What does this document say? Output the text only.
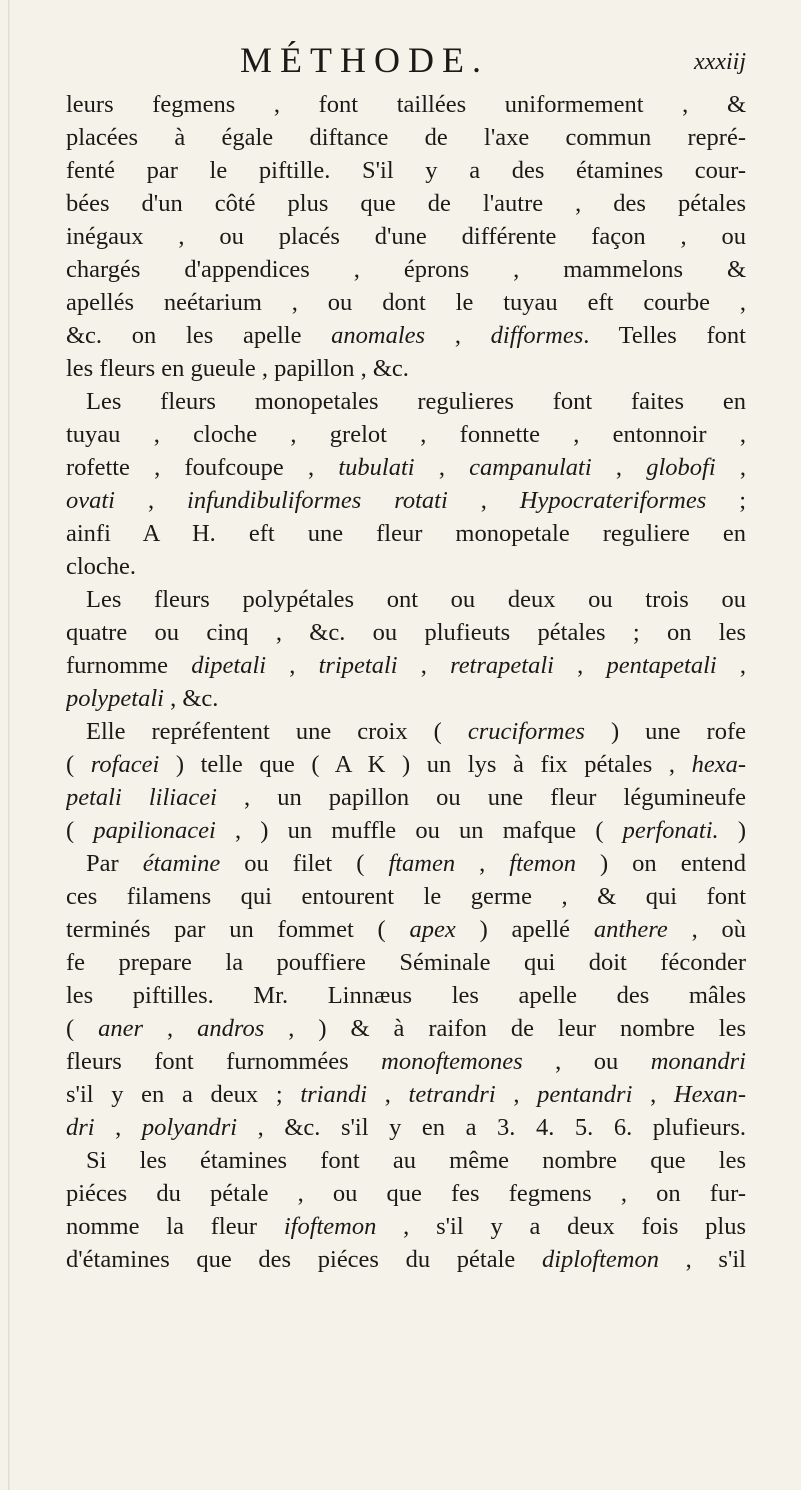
MÉTHODE.	xxxiij
leurs fegmens , font taillées uniformement , &
placées à égale diftance de l'axe commun repré-
fenté par le piftille. S'il y a des étamines cour-
bées d'un côté plus que de l'autre , des pétales
inégaux , ou placés d'une différente façon , ou
chargés d'appendices , éprons , mammelons &
apellés neétarium , ou dont le tuyau eft courbe ,
&c. on les apelle anomales , difformes. Telles font
les fleurs en gueule , papillon , &c.
Les fleurs monopetales regulieres font faites en
tuyau , cloche , grelot , fonnette , entonnoir ,
rofette , foufcoupe , tubulati , campanulati , globofi ,
ovati , infundibuliformes rotati , Hypocrateriformes ;
ainfi A H. eft une fleur monopetale reguliere en
cloche.
Les fleurs polypétales ont ou deux ou trois ou
quatre ou cinq , &c. ou plufieuts pétales ; on les
furnomme dipetali , tripetali , retrapetali , pentapetali ,
polypetali , &c.
Elle repréfentent une croix ( cruciformes ) une rofe
( rofacei ) telle que ( A K ) un lys à fix pétales , hexa-
petali liliacei , un papillon ou une fleur légumineufe
( papilionacei , ) un muffle ou un mafque ( perfonati. )
Par étamine ou filet ( ftamen , ftemon ) on entend
ces filamens qui entourent le germe , & qui font
terminés par un fommet ( apex ) apellé anthere , où
fe prepare la pouffiere Séminale qui doit féconder
les piftilles. Mr. Linnæus les apelle des mâles
( aner , andros , ) & à raifon de leur nombre les
fleurs font furnommées monoftemones , ou monandri
s'il y en a deux ; triandi , tetrandri , pentandri , Hexan-
dri , polyandri , &c. s'il y en a 3. 4. 5. 6. plufieurs.
Si les étamines font au même nombre que les
piéces du pétale , ou que fes fegmens , on fur-
nomme la fleur ifoftemon , s'il y a deux fois plus
d'étamines que des piéces du pétale diploftemon , s'il
